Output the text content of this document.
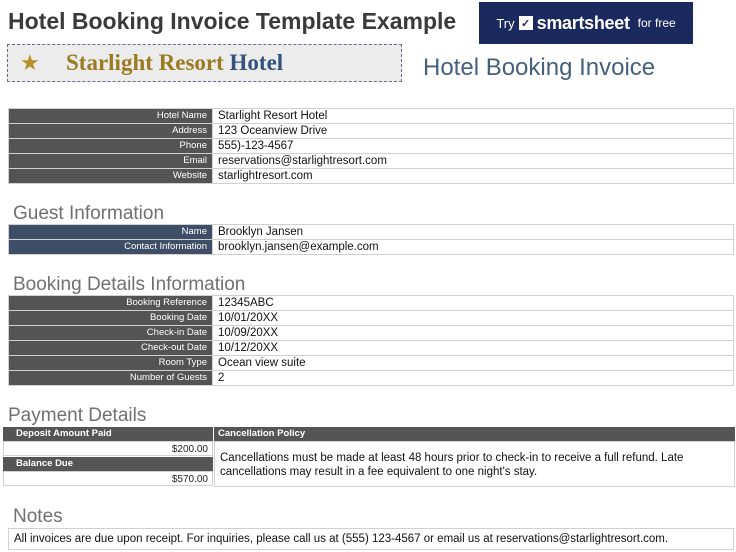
Hotel Booking Invoice Template Example	Try ✓ smartsheet for free
★	Starlight Resort Hotel	Hotel Booking Invoice
Hotel Name	Starlight Resort Hotel
Address	123 Oceanview Drive
Phone	555)-123-4567
Email	reservations@starlightresort.com
Website	starlightresort.com
Guest Information
Name	Brooklyn Jansen
Contact Information	brooklyn.jansen@example.com
Booking Details Information
Booking Reference	12345ABC
Booking Date	10/01/20XX
Check-in Date	10/09/20XX
Check-out Date	10/12/20XX
Room Type	Ocean view suite
Number of Guests	2
Payment Details
Deposit Amount Paid
$200.00
Balance Due
$570.00
Cancellation Policy
Cancellations must be made at least 48 hours prior to check-in to receive a full refund. Late cancellations may result in a fee equivalent to one night's stay.
Notes
All invoices are due upon receipt. For inquiries, please call us at (555) 123-4567 or email us at reservations@starlightresort.com.
